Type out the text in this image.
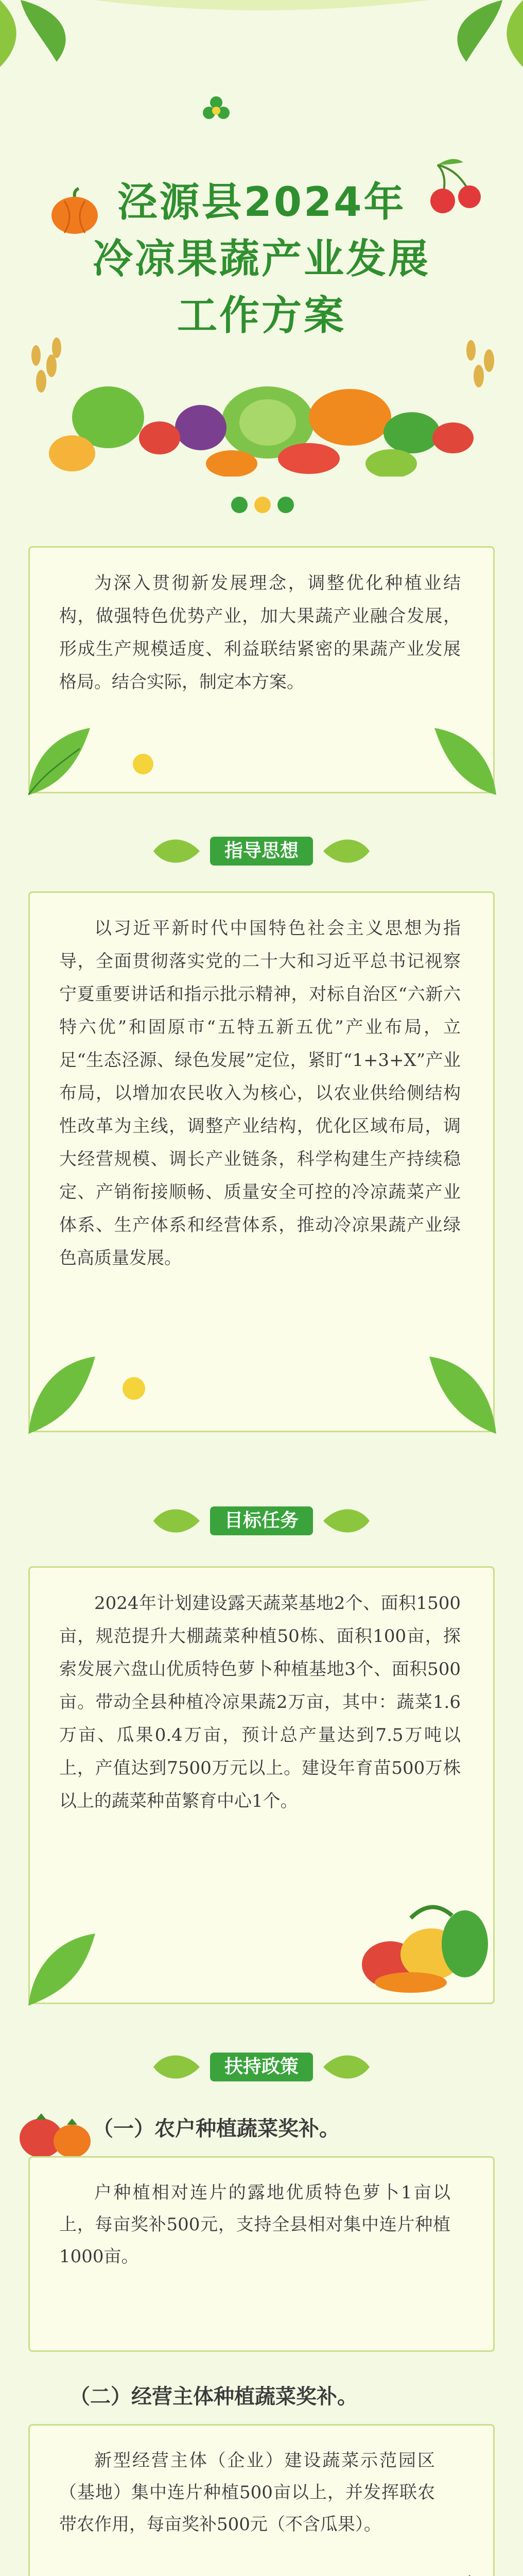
泾源县2024年
冷凉果蔬产业发展
工作方案
为深入贯彻新发展理念，调整优化种植业结构，做强特色优势产业，加大果蔬产业融合发展，形成生产规模适度、利益联结紧密的果蔬产业发展格局。结合实际，制定本方案。
指导思想
以习近平新时代中国特色社会主义思想为指导，全面贯彻落实党的二十大和习近平总书记视察宁夏重要讲话和指示批示精神，对标自治区“六新六特六优”和固原市“五特五新五优”产业布局，立足“生态泾源、绿色发展”定位，紧盯“1+3+X”产业布局，以增加农民收入为核心，以农业供给侧结构性改革为主线，调整产业结构，优化区域布局，调大经营规模、调长产业链条，科学构建生产持续稳定、产销衔接顺畅、质量安全可控的冷凉蔬菜产业体系、生产体系和经营体系，推动冷凉果蔬产业绿色高质量发展。
目标任务
2024年计划建设露天蔬菜基地2个、面积1500亩，规范提升大棚蔬菜种植50栋、面积100亩，探索发展六盘山优质特色萝卜种植基地3个、面积500亩。带动全县种植冷凉果蔬2万亩，其中：蔬菜1.6万亩、瓜果0.4万亩，预计总产量达到7.5万吨以上，产值达到7500万元以上。建设年育苗500万株以上的蔬菜种苗繁育中心1个。
扶持政策
（一）农户种植蔬菜奖补。
户种植相对连片的露地优质特色萝卜1亩以上，每亩奖补500元，支持全县相对集中连片种植1000亩。
（二）经营主体种植蔬菜奖补。
新型经营主体（企业）建设蔬菜示范园区（基地）集中连片种植500亩以上，并发挥联农带农作用，每亩奖补500元（不含瓜果）。
